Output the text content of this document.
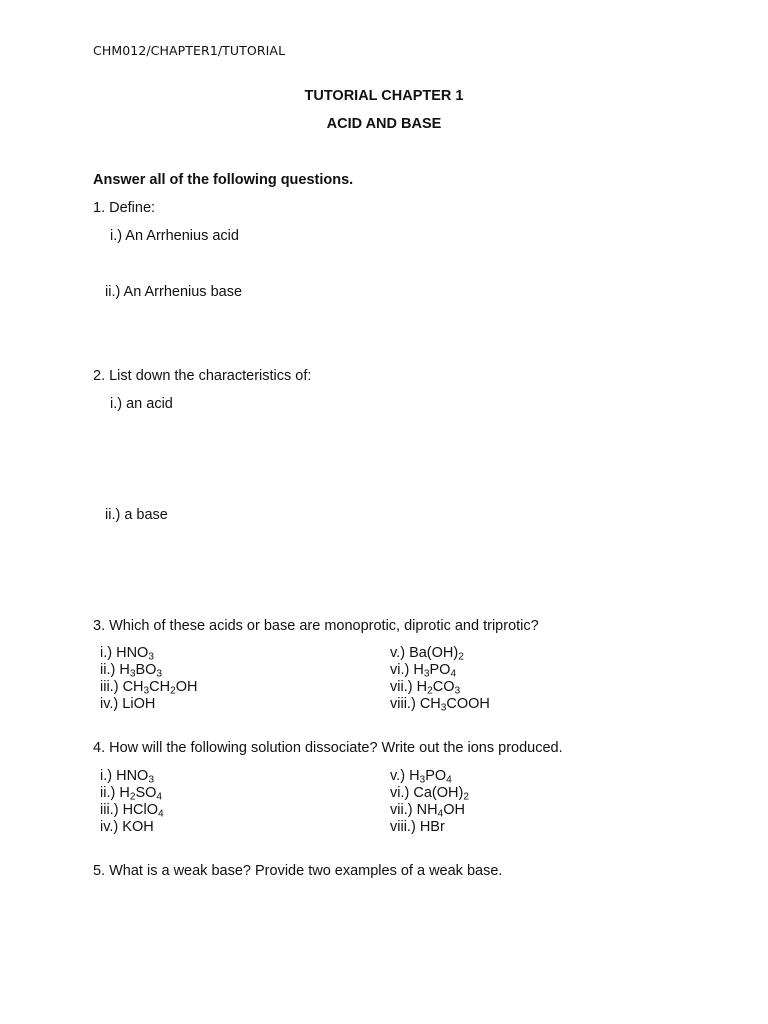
CHM012/CHAPTER1/TUTORIAL
TUTORIAL CHAPTER 1
ACID AND BASE
Answer all of the following questions.
1. Define:
i.) An Arrhenius acid
ii.) An Arrhenius base
2. List down the characteristics of:
i.) an acid
ii.) a base
3. Which of these acids or base are monoprotic, diprotic and triprotic?
i.) $HNO_3$
ii.) $H_3BO_3$
iii.) $CH_3CH_2OH$
iv.) LiOH
v.) $Ba(OH)_2$
vi.) $H_3PO_4$
vii.) $H_2CO_3$
viii.) $CH_3COOH$
4. How will the following solution dissociate? Write out the ions produced.
i.) $HNO_3$
ii.) $H_2SO_4$
iii.) HClO$_4$
iv.) KOH
v.) $H_3PO_4$
vi.) $Ca(OH)_2$
vii.) $NH_4OH$
viii.) HBr
5. What is a weak base? Provide two examples of a weak base.
